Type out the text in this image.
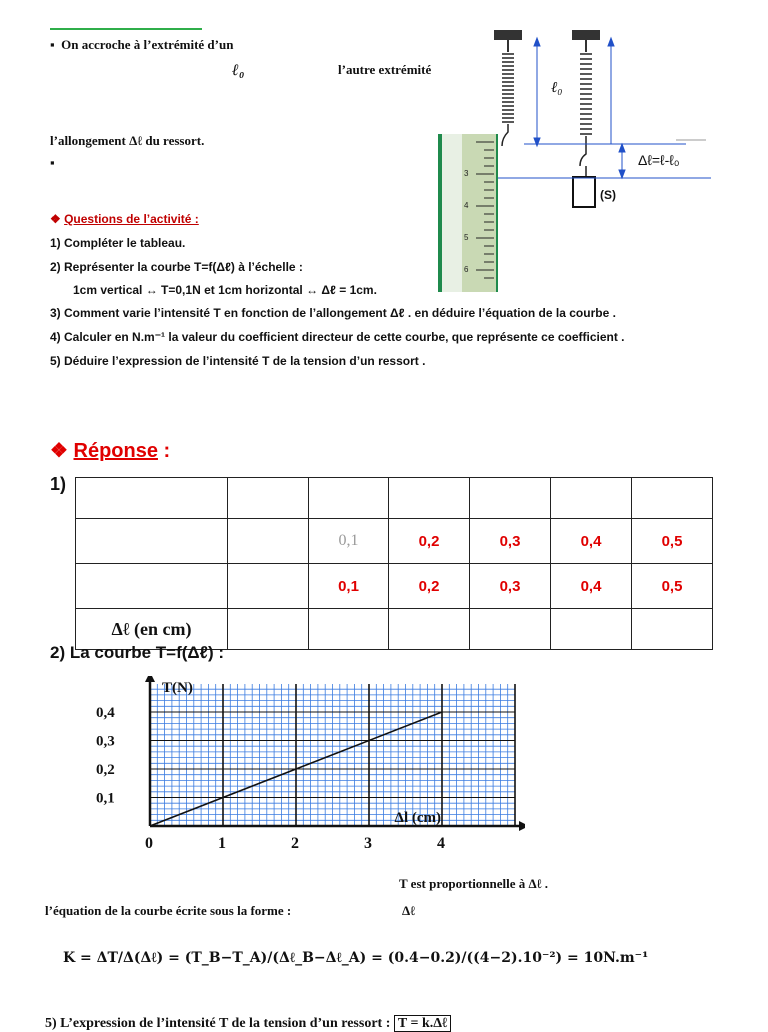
▪  On accroche à l’extrémité d’un
ℓ₀	l’autre extrémité
l’allongement Δℓ du ressort.
▪
3
4
5
6
ℓ₀
Δℓ=ℓ-ℓ₀
(S)
❖ Questions de l’activité :
1) Compléter le tableau.
2) Représenter la courbe T=f(Δℓ) à l’échelle :
1cm vertical ↔ T=0,1N et 1cm horizontal ↔ Δℓ = 1cm.
3) Comment varie l’intensité T en fonction de l’allongement Δℓ . en déduire l’équation de la courbe .
4) Calculer en N.m⁻¹ la valeur du coefficient directeur de cette courbe, que représente ce coefficient .
5) Déduire l’expression de l’intensité T de la tension d’un ressort .
❖ Réponse :
1)

		0,1	0,2	0,3	0,4	0,5
		0,1	0,2	0,3	0,4	0,5
Δℓ (en cm)						
2) La courbe T=f(Δℓ) :
0	1	2	3	4
0,1
0,2
0,3
0,4
T(N)
Δl (cm)
T est proportionnelle à Δℓ .
l’équation de la courbe écrite sous la forme :	Δℓ
K = ΔT/Δ(Δℓ) = (T_B−T_A)/(Δℓ_B−Δℓ_A) = (0.4−0.2)/((4−2).10⁻²) = 10N.m⁻¹
5) L’expression de l’intensité T de la tension d’un ressort : T = k.Δℓ
